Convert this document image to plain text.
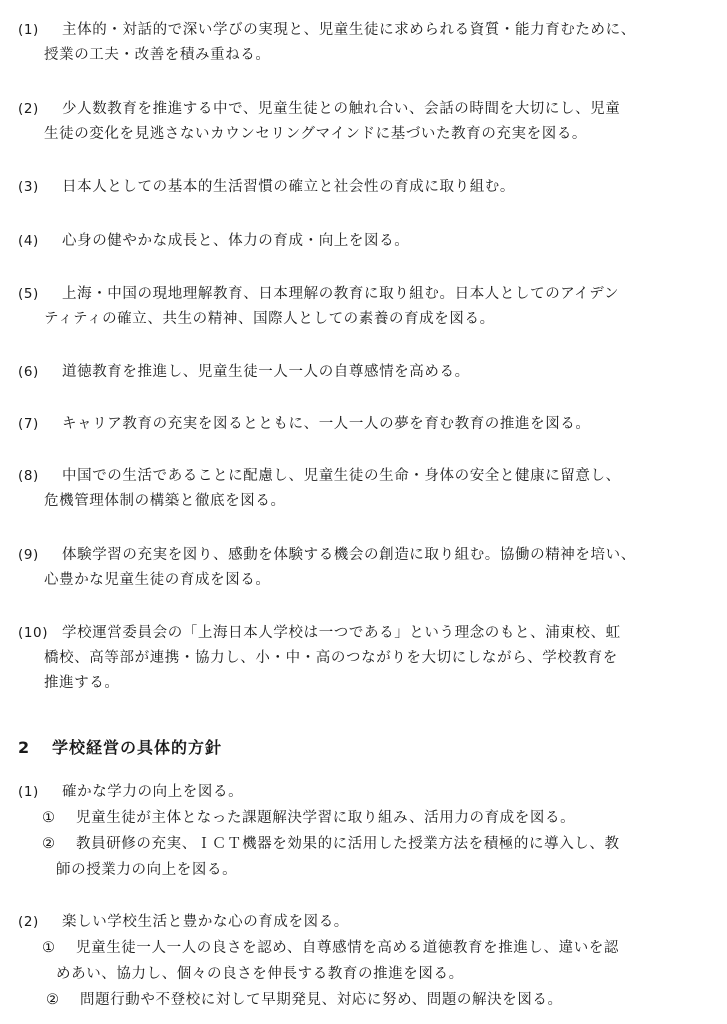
(1)	主体的・対話的で深い学びの実現と、児童生徒に求められる資質・能力育むために、
授業の工夫・改善を積み重ねる。
(2)	少人数教育を推進する中で、児童生徒との触れ合い、会話の時間を大切にし、児童
生徒の変化を見逃さないカウンセリングマインドに基づいた教育の充実を図る。
(3)	日本人としての基本的生活習慣の確立と社会性の育成に取り組む。
(4)	心身の健やかな成長と、体力の育成・向上を図る。
(5)	上海・中国の現地理解教育、日本理解の教育に取り組む。日本人としてのアイデン
ティティの確立、共生の精神、国際人としての素養の育成を図る。
(6)	道徳教育を推進し、児童生徒一人一人の自尊感情を高める。
(7)	キャリア教育の充実を図るとともに、一人一人の夢を育む教育の推進を図る。
(8)	中国での生活であることに配慮し、児童生徒の生命・身体の安全と健康に留意し、
危機管理体制の構築と徹底を図る。
(9)	体験学習の充実を図り、感動を体験する機会の創造に取り組む。協働の精神を培い、
心豊かな児童生徒の育成を図る。
(10) 学校運営委員会の「上海日本人学校は一つである」という理念のもと、浦東校、虹
橋校、高等部が連携・協力し、小・中・高のつながりを大切にしながら、学校教育を
推進する。
2 学校経営の具体的方針
(1)	確かな学力の向上を図る。
① 児童生徒が主体となった課題解決学習に取り組み、活用力の育成を図る。
② 教員研修の充実、ＩＣＴ機器を効果的に活用した授業方法を積極的に導入し、教
師の授業力の向上を図る。
(2)	楽しい学校生活と豊かな心の育成を図る。
① 児童生徒一人一人の良さを認め、自尊感情を高める道徳教育を推進し、違いを認
めあい、協力し、個々の良さを伸長する教育の推進を図る。
② 問題行動や不登校に対して早期発見、対応に努め、問題の解決を図る。
